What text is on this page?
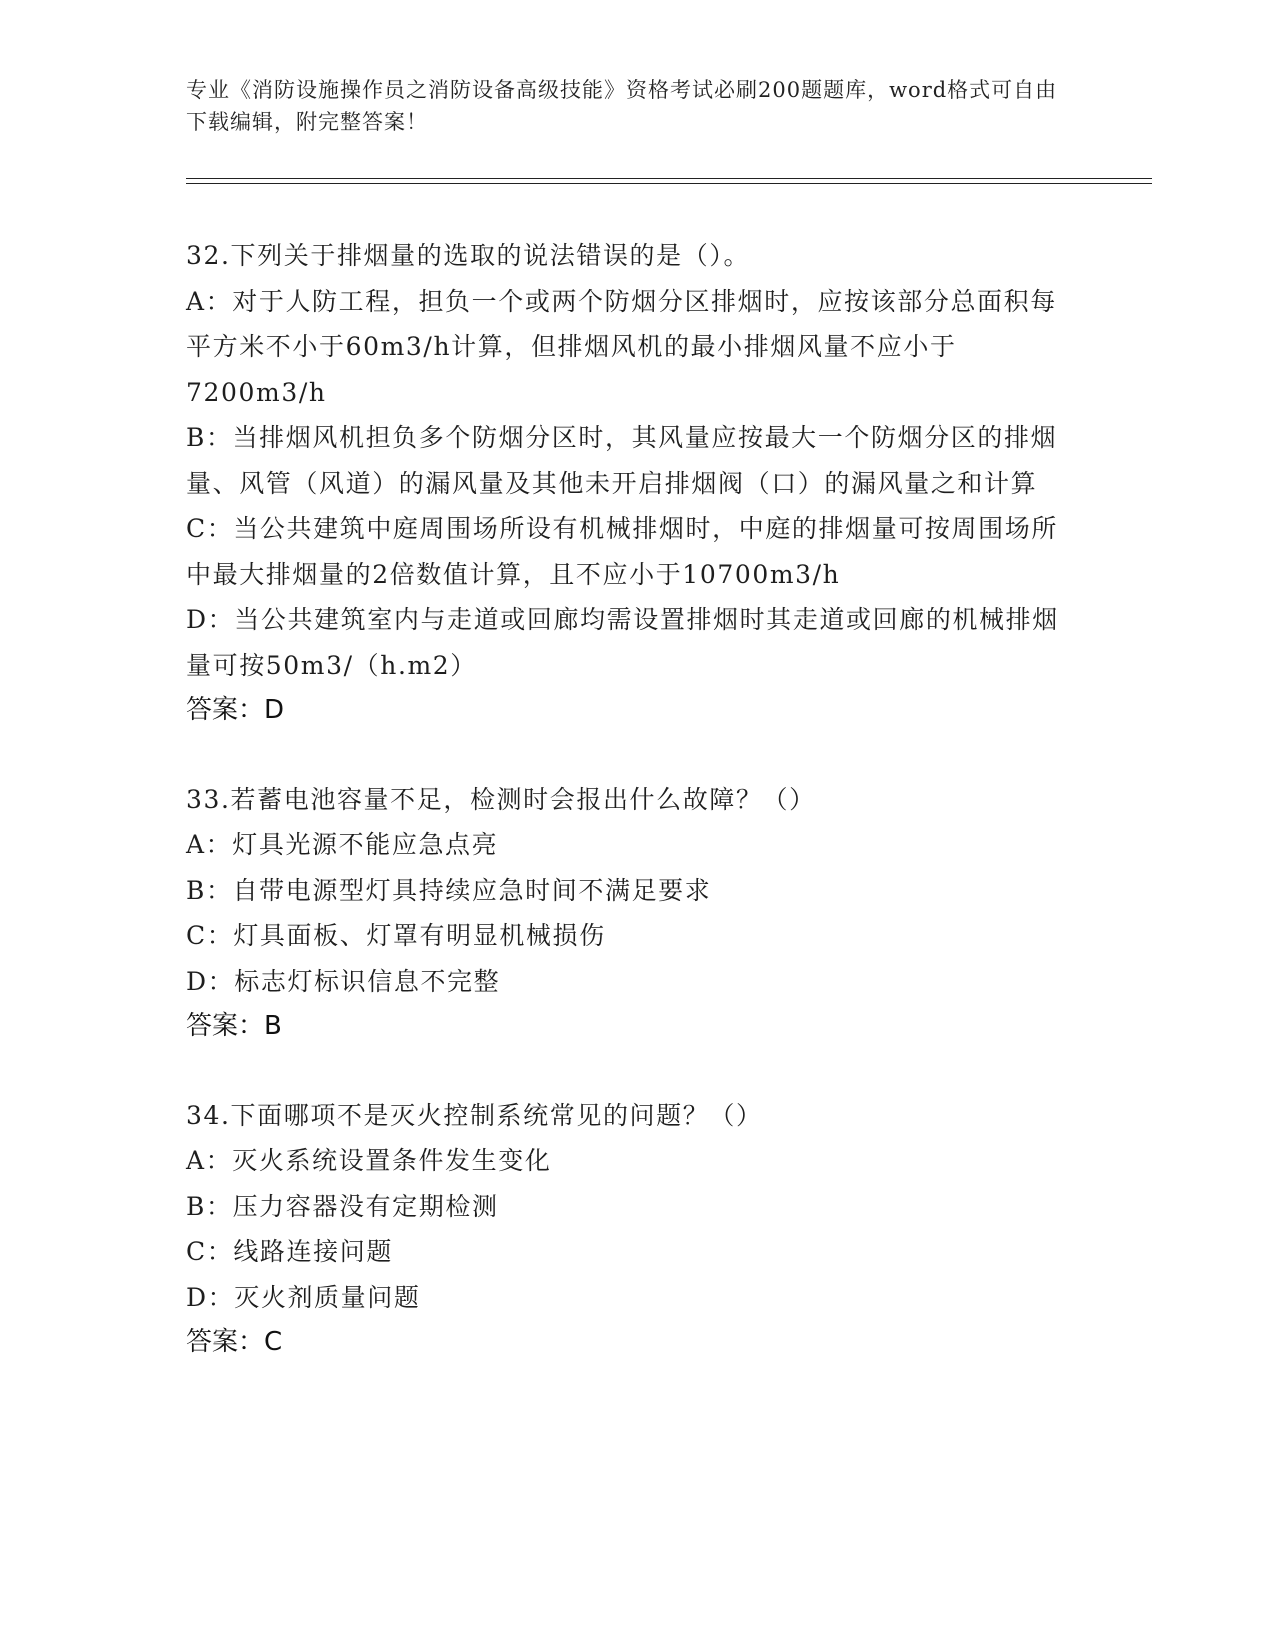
专业《消防设施操作员之消防设备高级技能》资格考试必刷200题题库，word格式可自由下载编辑，附完整答案！
32.下列关于排烟量的选取的说法错误的是（）。
A：对于人防工程，担负一个或两个防烟分区排烟时，应按该部分总面积每平方米不小于60m3/h计算，但排烟风机的最小排烟风量不应小于7200m3/h
B：当排烟风机担负多个防烟分区时，其风量应按最大一个防烟分区的排烟量、风管（风道）的漏风量及其他未开启排烟阀（口）的漏风量之和计算
C：当公共建筑中庭周围场所设有机械排烟时，中庭的排烟量可按周围场所中最大排烟量的2倍数值计算，且不应小于10700m3/h
D：当公共建筑室内与走道或回廊均需设置排烟时其走道或回廊的机械排烟量可按50m3/（h.m2）
答案：D
33.若蓄电池容量不足，检测时会报出什么故障？（）
A：灯具光源不能应急点亮
B：自带电源型灯具持续应急时间不满足要求
C：灯具面板、灯罩有明显机械损伤
D：标志灯标识信息不完整
答案：B
34.下面哪项不是灭火控制系统常见的问题？（）
A：灭火系统设置条件发生变化
B：压力容器没有定期检测
C：线路连接问题
D：灭火剂质量问题
答案：C
